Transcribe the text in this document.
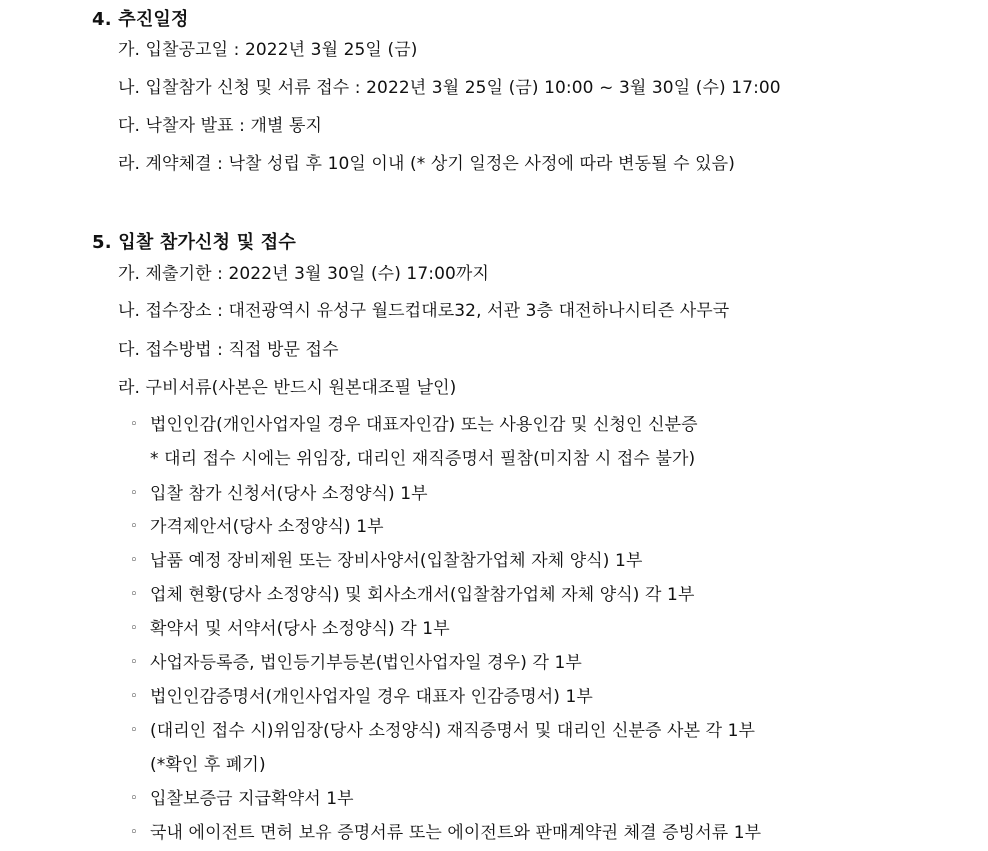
4. 추진일정
가. 입찰공고일 : 2022년 3월 25일 (금)
나. 입찰참가 신청 및 서류 접수 : 2022년 3월 25일 (금) 10:00 ~ 3월 30일 (수) 17:00
다. 낙찰자 발표 : 개별 통지
라. 계약체결 : 낙찰 성립 후 10일 이내 (* 상기 일정은 사정에 따라 변동될 수 있음)
5. 입찰 참가신청 및 접수
가. 제출기한 : 2022년 3월 30일 (수) 17:00까지
나. 접수장소 : 대전광역시 유성구 월드컵대로32, 서관 3층 대전하나시티즌 사무국
다. 접수방법 : 직접 방문 접수
라. 구비서류(사본은 반드시 원본대조필 날인)
◦ 법인인감(개인사업자일 경우 대표자인감) 또는 사용인감 및 신청인 신분증
* 대리 접수 시에는 위임장, 대리인 재직증명서 필참(미지참 시 접수 불가)
◦ 입찰 참가 신청서(당사 소정양식) 1부
◦ 가격제안서(당사 소정양식) 1부
◦ 납품 예정 장비제원 또는 장비사양서(입찰참가업체 자체 양식) 1부
◦ 업체 현황(당사 소정양식) 및 회사소개서(입찰참가업체 자체 양식) 각 1부
◦ 확약서 및 서약서(당사 소정양식) 각 1부
◦ 사업자등록증, 법인등기부등본(법인사업자일 경우) 각 1부
◦ 법인인감증명서(개인사업자일 경우 대표자 인감증명서) 1부
◦ (대리인 접수 시)위임장(당사 소정양식) 재직증명서 및 대리인 신분증 사본 각 1부
(*확인 후 폐기)
◦ 입찰보증금 지급확약서 1부
◦ 국내 에이전트 면허 보유 증명서류 또는 에이전트와 판매계약권 체결 증빙서류 1부
